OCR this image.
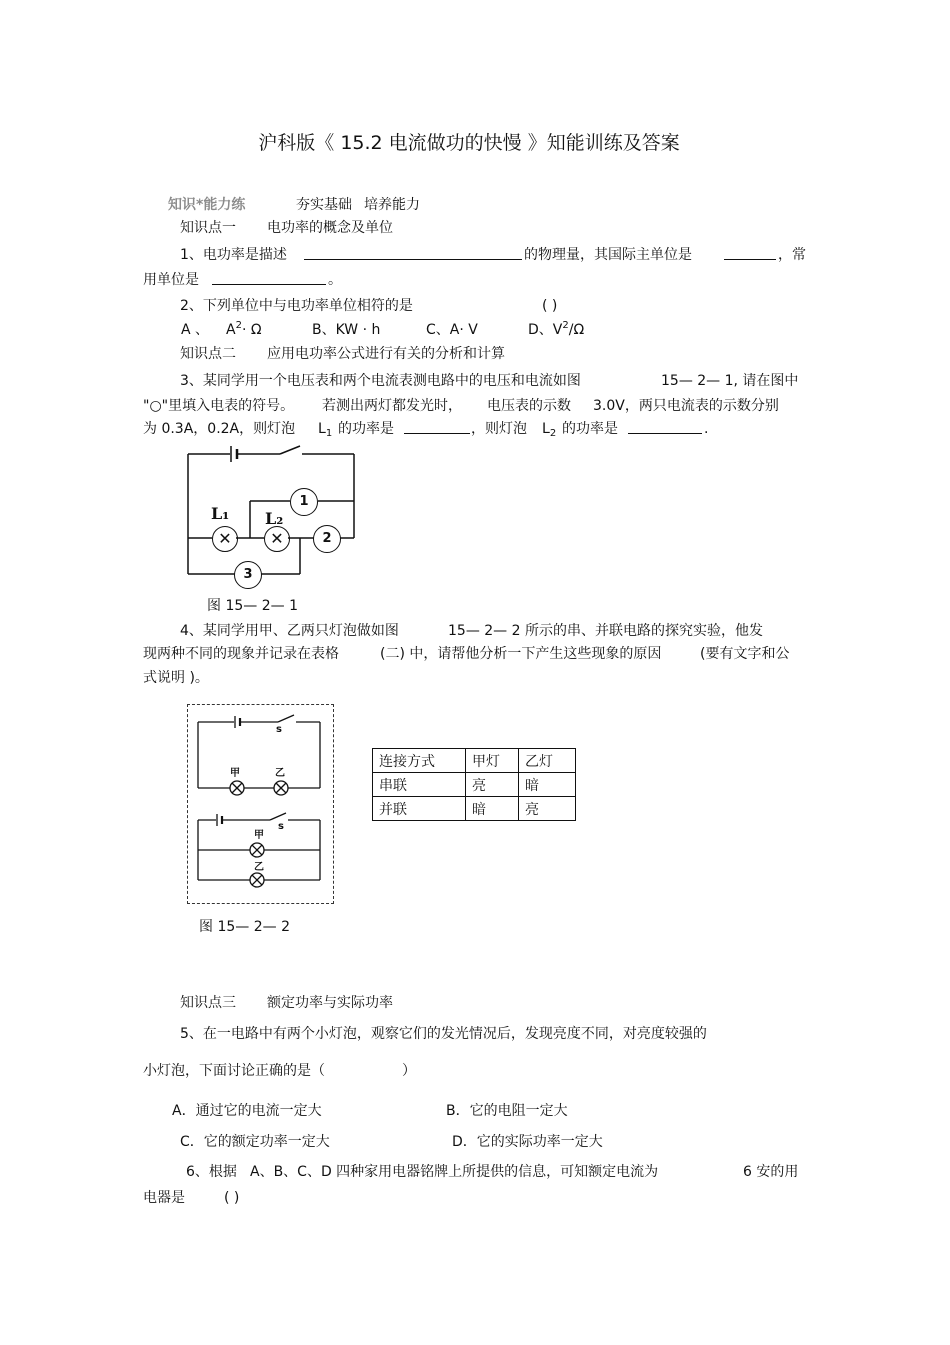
沪科版《 15.2 电流做功的快慢 》知能训练及答案
知识*能力练	夯实基础 培养能力
知识点一 电功率的概念及单位
1、电功率是描述	的物理量，其国际主单位是	，常
用单位是	。
2、下列单位中与电功率单位相符的是	( )
A 、 $A^2\cdot \Omega$	B、KW · h	C、A· V	D、$V^2/\Omega$
知识点二 应用电功率公式进行有关的分析和计算
3、某同学用一个电压表和两个电流表测电路中的电压和电流如图	15— 2— 1, 请在图中
"○"里填入电表的符号。 若测出两灯都发光时， 电压表的示数 3.0V，两只电流表的示数分别
为 0.3A，0.2A，则灯泡 $L_1$ 的功率是	，则灯泡 $L_2$ 的功率是	.
1
2
3
✕	✕
L₁ L₂
图 15— 2— 1
4、某同学用甲、乙两只灯泡做如图	15— 2— 2 所示的串、并联电路的探究实验，他发
现两种不同的现象并记录在表格	(二) 中，请帮他分析一下产生这些现象的原因	(要有文字和公
式说明 )。
s
甲	乙
s
甲
乙
图 15— 2— 2
连接方式	甲灯	乙灯
串联	亮	暗
并联	暗	亮
知识点三 额定功率与实际功率
5、在一电路中有两个小灯泡，观察它们的发光情况后，发现亮度不同，对亮度较强的
小灯泡，下面讨论正确的是（	）
A．通过它的电流一定大	B．它的电阻一定大
C．它的额定功率一定大	D．它的实际功率一定大
6、根据 A、B、C、D 四种家用电器铭牌上所提供的信息，可知额定电流为	6 安的用
电器是	( )
